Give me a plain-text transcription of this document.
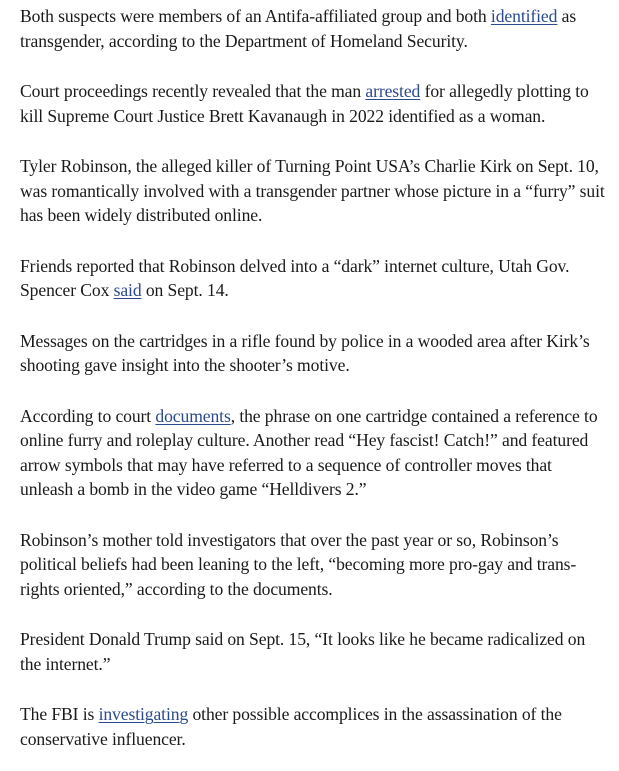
Both suspects were members of an Antifa-affiliated group and both identified as transgender, according to the Department of Homeland Security.

Court proceedings recently revealed that the man arrested for allegedly plotting to kill Supreme Court Justice Brett Kavanaugh in 2022 identified as a woman.

Tyler Robinson, the alleged killer of Turning Point USA’s Charlie Kirk on Sept. 10, was romantically involved with a transgender partner whose picture in a “furry” suit has been widely distributed online.

Friends reported that Robinson delved into a “dark” internet culture, Utah Gov. Spencer Cox said on Sept. 14.

Messages on the cartridges in a rifle found by police in a wooded area after Kirk’s shooting gave insight into the shooter’s motive.

According to court documents, the phrase on one cartridge contained a reference to online furry and roleplay culture. Another read “Hey fascist! Catch!” and featured arrow symbols that may have referred to a sequence of controller moves that unleash a bomb in the video game “Helldivers 2.”

Robinson’s mother told investigators that over the past year or so, Robinson’s political beliefs had been leaning to the left, “becoming more pro-gay and trans-rights oriented,” according to the documents.

President Donald Trump said on Sept. 15, “It looks like he became radicalized on the internet.”

The FBI is investigating other possible accomplices in the assassination of the conservative influencer.
